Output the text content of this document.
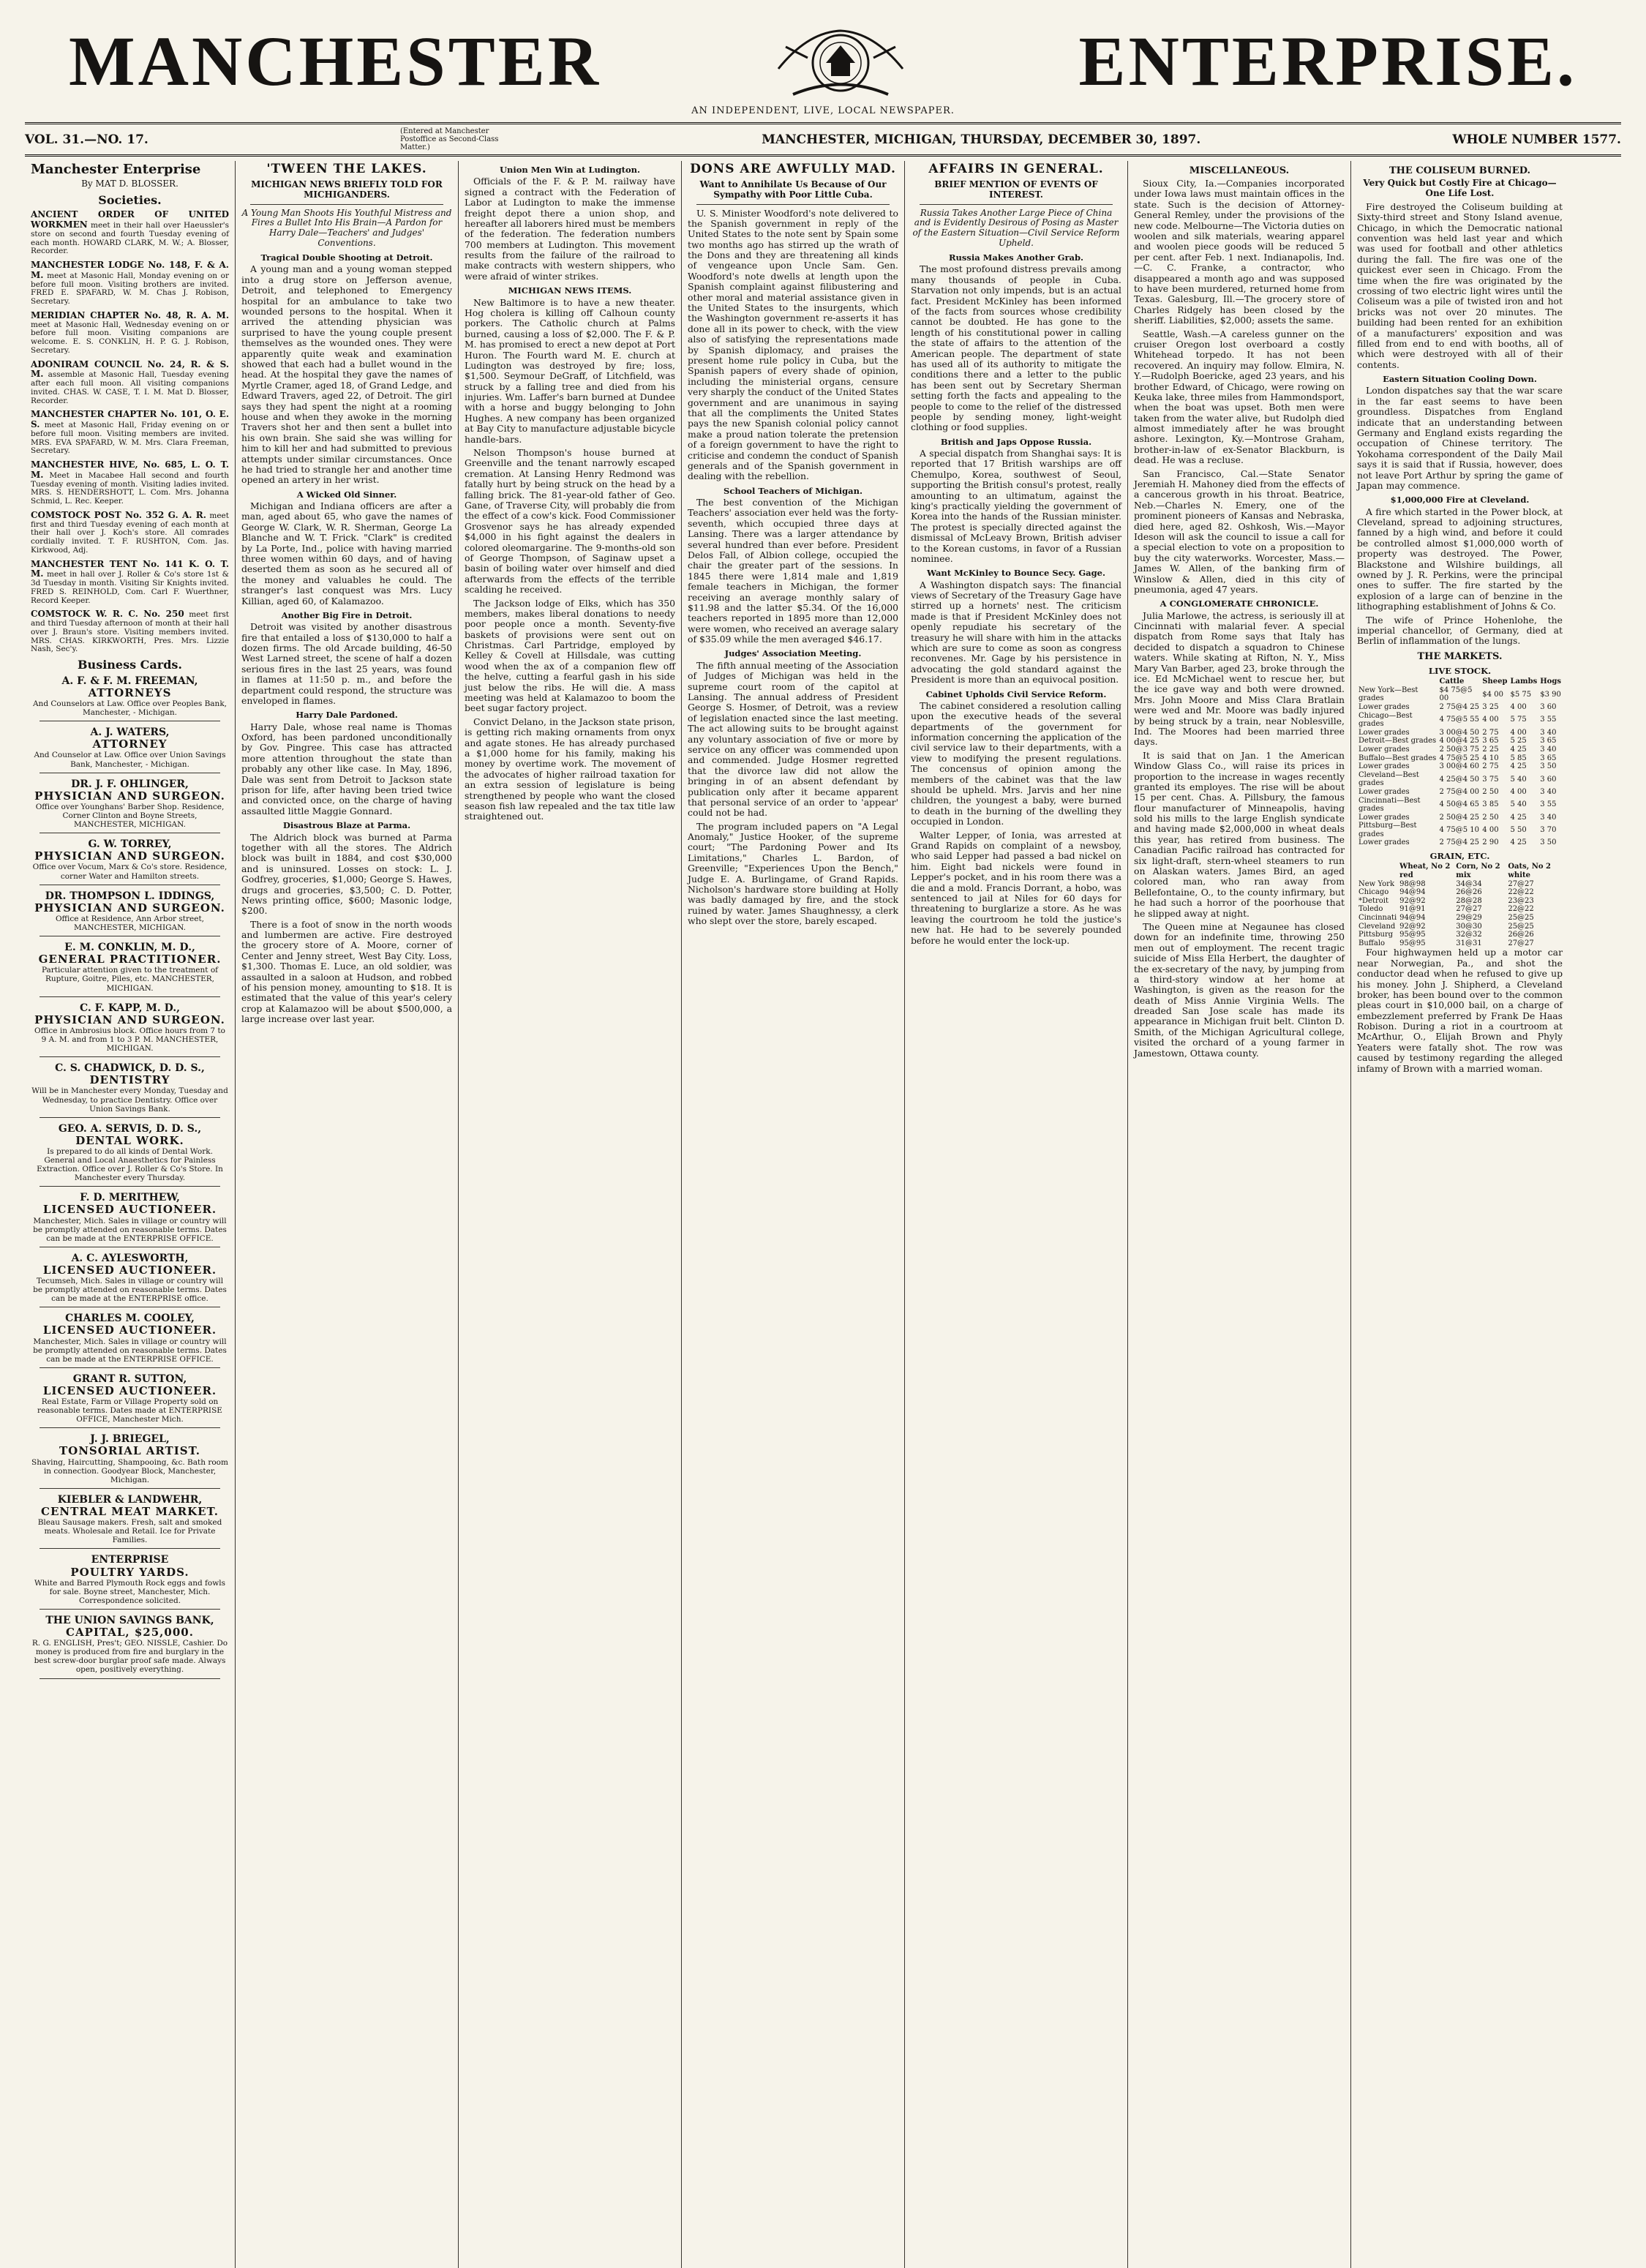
MANCHESTER	ENTERPRISE.
AN INDEPENDENT, LIVE, LOCAL NEWSPAPER.
VOL. 31.—NO. 17.
(Entered at Manchester Postoffice as Second-Class Matter.)
MANCHESTER, MICHIGAN, THURSDAY, DECEMBER 30, 1897.	WHOLE NUMBER 1577.
Manchester Enterprise
By MAT D. BLOSSER.
Societies.

ANCIENT ORDER OF UNITED WORKMEN meet in their hall over Haeussler's store on second and fourth Tuesday evening of each month. HOWARD CLARK, M. W.; A. Blosser, Recorder.

MANCHESTER LODGE No. 148, F. & A. M. meet at Masonic Hall, Monday evening on or before full moon. Visiting brothers are invited. FRED E. SPAFARD, W. M. Chas J. Robison, Secretary.

MERIDIAN CHAPTER No. 48, R. A. M. meet at Masonic Hall, Wednesday evening on or before full moon. Visiting companions are welcome. E. S. CONKLIN, H. P. G. J. Robison, Secretary.

ADONIRAM COUNCIL No. 24, R. & S. M. assemble at Masonic Hall, Tuesday evening after each full moon. All visiting companions invited. CHAS. W. CASE, T. I. M. Mat D. Blosser, Recorder.

MANCHESTER CHAPTER No. 101, O. E. S. meet at Masonic Hall, Friday evening on or before full moon. Visiting members are invited. MRS. EVA SPAFARD, W. M. Mrs. Clara Freeman, Secretary.

MANCHESTER HIVE, No. 685, L. O. T. M. Meet in Macabee Hall second and fourth Tuesday evening of month. Visiting ladies invited. MRS. S. HENDERSHOTT, L. Com. Mrs. Johanna Schmid, L. Rec. Keeper.

COMSTOCK POST No. 352 G. A. R. meet first and third Tuesday evening of each month at their hall over J. Koch's store. All comrades cordially invited. T. F. RUSHTON, Com. Jas. Kirkwood, Adj.

MANCHESTER TENT No. 141 K. O. T. M. meet in hall over J. Roller & Co's store 1st & 3d Tuesday in month. Visiting Sir Knights invited. FRED S. REINHOLD, Com. Carl F. Wuerthner, Record Keeper.

COMSTOCK W. R. C. No. 250 meet first and third Tuesday afternoon of month at their hall over J. Braun's store. Visiting members invited. MRS. CHAS. KIRKWORTH, Pres. Mrs. Lizzie Nash, Sec'y.

Business Cards.
A. F. & F. M. FREEMAN,
ATTORNEYS
And Counselors at Law. Office over Peoples Bank, Manchester, - Michigan.
A. J. WATERS,
ATTORNEY
And Counselor at Law. Office over Union Savings Bank, Manchester, - Michigan.
DR. J. F. OHLINGER,
PHYSICIAN AND SURGEON.
Office over Younghans' Barber Shop. Residence, Corner Clinton and Boyne Streets, MANCHESTER, MICHIGAN.
G. W. TORREY,
PHYSICIAN AND SURGEON.
Office over Vocum, Marx & Co's store. Residence, corner Water and Hamilton streets.
DR. THOMPSON L. IDDINGS,
PHYSICIAN AND SURGEON.
Office at Residence, Ann Arbor street, MANCHESTER, MICHIGAN.
E. M. CONKLIN, M. D.,
GENERAL PRACTITIONER.
Particular attention given to the treatment of Rupture, Goitre, Piles, etc. MANCHESTER, MICHIGAN.
C. F. KAPP, M. D.,
PHYSICIAN AND SURGEON.
Office in Ambrosius block. Office hours from 7 to 9 A. M. and from 1 to 3 P. M. MANCHESTER, MICHIGAN.
C. S. CHADWICK, D. D. S.,
DENTISTRY
Will be in Manchester every Monday, Tuesday and Wednesday, to practice Dentistry. Office over Union Savings Bank.
GEO. A. SERVIS, D. D. S.,
DENTAL WORK.
Is prepared to do all kinds of Dental Work. General and Local Anaesthetics for Painless Extraction. Office over J. Roller & Co's Store. In Manchester every Thursday.
F. D. MERITHEW,
LICENSED AUCTIONEER.
Manchester, Mich. Sales in village or country will be promptly attended on reasonable terms. Dates can be made at the ENTERPRISE OFFICE.
A. C. AYLESWORTH,
LICENSED AUCTIONEER.
Tecumseh, Mich. Sales in village or country will be promptly attended on reasonable terms. Dates can be made at the ENTERPRISE office.
CHARLES M. COOLEY,
LICENSED AUCTIONEER.
Manchester, Mich. Sales in village or country will be promptly attended on reasonable terms. Dates can be made at the ENTERPRISE OFFICE.
GRANT R. SUTTON,
LICENSED AUCTIONEER.
Real Estate, Farm or Village Property sold on reasonable terms. Dates made at ENTERPRISE OFFICE, Manchester Mich.
J. J. BRIEGEL,
TONSORIAL ARTIST.
Shaving, Haircutting, Shampooing, &c. Bath room in connection. Goodyear Block, Manchester, Michigan.
KIEBLER & LANDWEHR,
CENTRAL MEAT MARKET.
Bleau Sausage makers. Fresh, salt and smoked meats. Wholesale and Retail. Ice for Private Families.
ENTERPRISE
POULTRY YARDS.
White and Barred Plymouth Rock eggs and fowls for sale. Boyne street, Manchester, Mich. Correspondence solicited.
THE UNION SAVINGS BANK,
CAPITAL, $25,000.
R. G. ENGLISH, Pres't; GEO. NISSLE, Cashier. Do money is produced from fire and burglary in the best screw-door burglar proof safe made. Always open, positively everything.
'TWEEN THE LAKES.
MICHIGAN NEWS BRIEFLY TOLD FOR MICHIGANDERS.
A Young Man Shoots His Youthful Mistress and Fires a Bullet Into His Brain—A Pardon for Harry Dale—Teachers' and Judges' Conventions.
Tragical Double Shooting at Detroit.

A young man and a young woman stepped into a drug store on Jefferson avenue, Detroit, and telephoned to Emergency hospital for an ambulance to take two wounded persons to the hospital. When it arrived the attending physician was surprised to have the young couple present themselves as the wounded ones. They were apparently quite weak and examination showed that each had a bullet wound in the head. At the hospital they gave the names of Myrtle Cramer, aged 18, of Grand Ledge, and Edward Travers, aged 22, of Detroit. The girl says they had spent the night at a rooming house and when they awoke in the morning Travers shot her and then sent a bullet into his own brain. She said she was willing for him to kill her and had submitted to previous attempts under similar circumstances. Once he had tried to strangle her and another time opened an artery in her wrist.

A Wicked Old Sinner.

Michigan and Indiana officers are after a man, aged about 65, who gave the names of George W. Clark, W. R. Sherman, George La Blanche and W. T. Frick. "Clark" is credited by La Porte, Ind., police with having married three women within 60 days, and of having deserted them as soon as he secured all of the money and valuables he could. The stranger's last conquest was Mrs. Lucy Killian, aged 60, of Kalamazoo.

Another Big Fire in Detroit.

Detroit was visited by another disastrous fire that entailed a loss of $130,000 to half a dozen firms. The old Arcade building, 46-50 West Larned street, the scene of half a dozen serious fires in the last 25 years, was found in flames at 11:50 p. m., and before the department could respond, the structure was enveloped in flames.

Harry Dale Pardoned.

Harry Dale, whose real name is Thomas Oxford, has been pardoned unconditionally by Gov. Pingree. This case has attracted more attention throughout the state than probably any other like case. In May, 1896, Dale was sent from Detroit to Jackson state prison for life, after having been tried twice and convicted once, on the charge of having assaulted little Maggie Gonnard.

Disastrous Blaze at Parma.

The Aldrich block was burned at Parma together with all the stores. The Aldrich block was built in 1884, and cost $30,000 and is uninsured. Losses on stock: L. J. Godfrey, groceries, $1,000; George S. Hawes, drugs and groceries, $3,500; C. D. Potter, News printing office, $600; Masonic lodge, $200.

There is a foot of snow in the north woods and lumbermen are active. Fire destroyed the grocery store of A. Moore, corner of Center and Jenny street, West Bay City. Loss, $1,300. Thomas E. Luce, an old soldier, was assaulted in a saloon at Hudson, and robbed of his pension money, amounting to $18. It is estimated that the value of this year's celery crop at Kalamazoo will be about $500,000, a large increase over last year.

Union Men Win at Ludington.

Officials of the F. & P. M. railway have signed a contract with the Federation of Labor at Ludington to make the immense freight depot there a union shop, and hereafter all laborers hired must be members of the federation. The federation numbers 700 members at Ludington. This movement results from the failure of the railroad to make contracts with western shippers, who were afraid of winter strikes.

MICHIGAN NEWS ITEMS.

New Baltimore is to have a new theater. Hog cholera is killing off Calhoun county porkers. The Catholic church at Palms burned, causing a loss of $2,000. The F. & P. M. has promised to erect a new depot at Port Huron. The Fourth ward M. E. church at Ludington was destroyed by fire; loss, $1,500. Seymour DeGraff, of Litchfield, was struck by a falling tree and died from his injuries. Wm. Laffer's barn burned at Dundee with a horse and buggy belonging to John Hughes. A new company has been organized at Bay City to manufacture adjustable bicycle handle-bars.

Nelson Thompson's house burned at Greenville and the tenant narrowly escaped cremation. At Lansing Henry Redmond was fatally hurt by being struck on the head by a falling brick. The 81-year-old father of Geo. Gane, of Traverse City, will probably die from the effect of a cow's kick. Food Commissioner Grosvenor says he has already expended $4,000 in his fight against the dealers in colored oleomargarine. The 9-months-old son of George Thompson, of Saginaw upset a basin of boiling water over himself and died afterwards from the effects of the terrible scalding he received.

The Jackson lodge of Elks, which has 350 members, makes liberal donations to needy poor people once a month. Seventy-five baskets of provisions were sent out on Christmas. Carl Partridge, employed by Kelley & Covell at Hillsdale, was cutting wood when the ax of a companion flew off the helve, cutting a fearful gash in his side just below the ribs. He will die. A mass meeting was held at Kalamazoo to boom the beet sugar factory project.

Convict Delano, in the Jackson state prison, is getting rich making ornaments from onyx and agate stones. He has already purchased a $1,000 home for his family, making his money by overtime work. The movement of the advocates of higher railroad taxation for an extra session of legislature is being strengthened by people who want the closed season fish law repealed and the tax title law straightened out.

DONS ARE AWFULLY MAD.
Want to Annihilate Us Because of Our Sympathy with Poor Little Cuba.

U. S. Minister Woodford's note delivered to the Spanish government in reply of the United States to the note sent by Spain some two months ago has stirred up the wrath of the Dons and they are threatening all kinds of vengeance upon Uncle Sam. Gen. Woodford's note dwells at length upon the Spanish complaint against filibustering and other moral and material assistance given in the United States to the insurgents, which the Washington government re-asserts it has done all in its power to check, with the view also of satisfying the representations made by Spanish diplomacy, and praises the present home rule policy in Cuba, but the Spanish papers of every shade of opinion, including the ministerial organs, censure very sharply the conduct of the United States government and are unanimous in saying that all the compliments the United States pays the new Spanish colonial policy cannot make a proud nation tolerate the pretension of a foreign government to have the right to criticise and condemn the conduct of Spanish generals and of the Spanish government in dealing with the rebellion.

School Teachers of Michigan.

The best convention of the Michigan Teachers' association ever held was the forty-seventh, which occupied three days at Lansing. There was a larger attendance by several hundred than ever before. President Delos Fall, of Albion college, occupied the chair the greater part of the sessions. In 1845 there were 1,814 male and 1,819 female teachers in Michigan, the former receiving an average monthly salary of $11.98 and the latter $5.34. Of the 16,000 teachers reported in 1895 more than 12,000 were women, who received an average salary of $35.09 while the men averaged $46.17.

Judges' Association Meeting.

The fifth annual meeting of the Association of Judges of Michigan was held in the supreme court room of the capitol at Lansing. The annual address of President George S. Hosmer, of Detroit, was a review of legislation enacted since the last meeting. The act allowing suits to be brought against any voluntary association of five or more by service on any officer was commended upon and commended. Judge Hosmer regretted that the divorce law did not allow the bringing in of an absent defendant by publication only after it became apparent that personal service of an order to 'appear' could not be had.

The program included papers on "A Legal Anomaly," Justice Hooker, of the supreme court; "The Pardoning Power and Its Limitations," Charles L. Bardon, of Greenville; "Experiences Upon the Bench," Judge E. A. Burlingame, of Grand Rapids. Nicholson's hardware store building at Holly was badly damaged by fire, and the stock ruined by water. James Shaughnessy, a clerk who slept over the store, barely escaped.

AFFAIRS IN GENERAL.
BRIEF MENTION OF EVENTS OF INTEREST.
Russia Takes Another Large Piece of China and is Evidently Desirous of Posing as Master of the Eastern Situation—Civil Service Reform Upheld.
Russia Makes Another Grab.

The most profound distress prevails among many thousands of people in Cuba. Starvation not only impends, but is an actual fact. President McKinley has been informed of the facts from sources whose credibility cannot be doubted. He has gone to the length of his constitutional power in calling the state of affairs to the attention of the American people. The department of state has used all of its authority to mitigate the conditions there and a letter to the public has been sent out by Secretary Sherman setting forth the facts and appealing to the people to come to the relief of the distressed people by sending money, light-weight clothing or food supplies.

British and Japs Oppose Russia.

A special dispatch from Shanghai says: It is reported that 17 British warships are off Chemulpo, Korea, southwest of Seoul, supporting the British consul's protest, really amounting to an ultimatum, against the king's practically yielding the government of Korea into the hands of the Russian minister. The protest is specially directed against the dismissal of McLeavy Brown, British adviser to the Korean customs, in favor of a Russian nominee.

Want McKinley to Bounce Secy. Gage.

A Washington dispatch says: The financial views of Secretary of the Treasury Gage have stirred up a hornets' nest. The criticism made is that if President McKinley does not openly repudiate his secretary of the treasury he will share with him in the attacks which are sure to come as soon as congress reconvenes. Mr. Gage by his persistence in advocating the gold standard against the President is more than an equivocal position.

Cabinet Upholds Civil Service Reform.

The cabinet considered a resolution calling upon the executive heads of the several departments of the government for information concerning the application of the civil service law to their departments, with a view to modifying the present regulations. The concensus of opinion among the members of the cabinet was that the law should be upheld. Mrs. Jarvis and her nine children, the youngest a baby, were burned to death in the burning of the dwelling they occupied in London.

Walter Lepper, of Ionia, was arrested at Grand Rapids on complaint of a newsboy, who said Lepper had passed a bad nickel on him. Eight bad nickels were found in Lepper's pocket, and in his room there was a die and a mold. Francis Dorrant, a hobo, was sentenced to jail at Niles for 60 days for threatening to burglarize a store. As he was leaving the courtroom he told the justice's new hat. He had to be severely pounded before he would enter the lock-up.

MISCELLANEOUS.

Sioux City, Ia.—Companies incorporated under Iowa laws must maintain offices in the state. Such is the decision of Attorney-General Remley, under the provisions of the new code. Melbourne—The Victoria duties on woolen and silk materials, wearing apparel and woolen piece goods will be reduced 5 per cent. after Feb. 1 next. Indianapolis, Ind.—C. C. Franke, a contractor, who disappeared a month ago and was supposed to have been murdered, returned home from Texas. Galesburg, Ill.—The grocery store of Charles Ridgely has been closed by the sheriff. Liabilities, $2,000; assets the same.

Seattle, Wash.—A careless gunner on the cruiser Oregon lost overboard a costly Whitehead torpedo. It has not been recovered. An inquiry may follow. Elmira, N. Y.—Rudolph Boericke, aged 23 years, and his brother Edward, of Chicago, were rowing on Keuka lake, three miles from Hammondsport, when the boat was upset. Both men were taken from the water alive, but Rudolph died almost immediately after he was brought ashore. Lexington, Ky.—Montrose Graham, brother-in-law of ex-Senator Blackburn, is dead. He was a recluse.

San Francisco, Cal.—State Senator Jeremiah H. Mahoney died from the effects of a cancerous growth in his throat. Beatrice, Neb.—Charles N. Emery, one of the prominent pioneers of Kansas and Nebraska, died here, aged 82. Oshkosh, Wis.—Mayor Ideson will ask the council to issue a call for a special election to vote on a proposition to buy the city waterworks. Worcester, Mass.—James W. Allen, of the banking firm of Winslow & Allen, died in this city of pneumonia, aged 47 years.

A CONGLOMERATE CHRONICLE.

Julia Marlowe, the actress, is seriously ill at Cincinnati with malarial fever. A special dispatch from Rome says that Italy has decided to dispatch a squadron to Chinese waters. While skating at Rifton, N. Y., Miss Mary Van Barber, aged 23, broke through the ice. Ed McMichael went to rescue her, but the ice gave way and both were drowned. Mrs. John Moore and Miss Clara Bratlain were wed and Mr. Moore was badly injured by being struck by a train, near Noblesville, Ind. The Moores had been married three days.

It is said that on Jan. 1 the American Window Glass Co., will raise its prices in proportion to the increase in wages recently granted its employes. The rise will be about 15 per cent. Chas. A. Pillsbury, the famous flour manufacturer of Minneapolis, having sold his mills to the large English syndicate and having made $2,000,000 in wheat deals this year, has retired from business. The Canadian Pacific railroad has contracted for six light-draft, stern-wheel steamers to run on Alaskan waters. James Bird, an aged colored man, who ran away from Bellefontaine, O., to the county infirmary, but he had such a horror of the poorhouse that he slipped away at night.

The Queen mine at Negaunee has closed down for an indefinite time, throwing 250 men out of employment. The recent tragic suicide of Miss Ella Herbert, the daughter of the ex-secretary of the navy, by jumping from a third-story window at her home at Washington, is given as the reason for the death of Miss Annie Virginia Wells. The dreaded San Jose scale has made its appearance in Michigan fruit belt. Clinton D. Smith, of the Michigan Agricultural college, visited the orchard of a young farmer in Jamestown, Ottawa county.

THE COLISEUM BURNED.
Very Quick but Costly Fire at Chicago—One Life Lost.

Fire destroyed the Coliseum building at Sixty-third street and Stony Island avenue, Chicago, in which the Democratic national convention was held last year and which was used for football and other athletics during the fall. The fire was one of the quickest ever seen in Chicago. From the time when the fire was originated by the crossing of two electric light wires until the Coliseum was a pile of twisted iron and hot bricks was not over 20 minutes. The building had been rented for an exhibition of a manufacturers' exposition and was filled from end to end with booths, all of which were destroyed with all of their contents.

Eastern Situation Cooling Down.

London dispatches say that the war scare in the far east seems to have been groundless. Dispatches from England indicate that an understanding between Germany and England exists regarding the occupation of Chinese territory. The Yokohama correspondent of the Daily Mail says it is said that if Russia, however, does not leave Port Arthur by spring the game of Japan may commence.

$1,000,000 Fire at Cleveland.

A fire which started in the Power block, at Cleveland, spread to adjoining structures, fanned by a high wind, and before it could be controlled almost $1,000,000 worth of property was destroyed. The Power, Blackstone and Wilshire buildings, all owned by J. R. Perkins, were the principal ones to suffer. The fire started by the explosion of a large can of benzine in the lithographing establishment of Johns & Co.

The wife of Prince Hohenlohe, the imperial chancellor, of Germany, died at Berlin of inflammation of the lungs.

THE MARKETS.
LIVE STOCK.
	Cattle	Sheep	Lambs	Hogs
New York—Best grades	$4 75@5 00	$4 00	$5 75	$3 90
Lower grades	2 75@4 25	3 25	4 00	3 60
Chicago—Best grades	4 75@5 55	4 00	5 75	3 55
Lower grades	3 00@4 50	2 75	4 00	3 40
Detroit—Best grades	4 00@4 25	3 65	5 25	3 65
Lower grades	2 50@3 75	2 25	4 25	3 40
Buffalo—Best grades	4 75@5 25	4 10	5 85	3 65
Lower grades	3 00@4 60	2 75	4 25	3 50
Cleveland—Best grades	4 25@4 50	3 75	5 40	3 60
Lower grades	2 75@4 00	2 50	4 00	3 40
Cincinnati—Best grades	4 50@4 65	3 85	5 40	3 55
Lower grades	2 50@4 25	2 50	4 25	3 40
Pittsburg—Best grades	4 75@5 10	4 00	5 50	3 70
Lower grades	2 75@4 25	2 90	4 25	3 50
GRAIN, ETC.
	Wheat, No 2 red	Corn, No 2 mix	Oats, No 2 white
New York	98@98	34@34	27@27
Chicago	94@94	26@26	22@22
*Detroit	92@92	28@28	23@23
Toledo	91@91	27@27	22@22
Cincinnati	94@94	29@29	25@25
Cleveland	92@92	30@30	25@25
Pittsburg	95@95	32@32	26@26
Buffalo	95@95	31@31	27@27

Four highwaymen held up a motor car near Norwegian, Pa., and shot the conductor dead when he refused to give up his money. John J. Shipherd, a Cleveland broker, has been bound over to the common pleas court in $10,000 bail, on a charge of embezzlement preferred by Frank De Haas Robison. During a riot in a courtroom at McArthur, O., Elijah Brown and Phyly Yeaters were fatally shot. The row was caused by testimony regarding the alleged infamy of Brown with a married woman.
